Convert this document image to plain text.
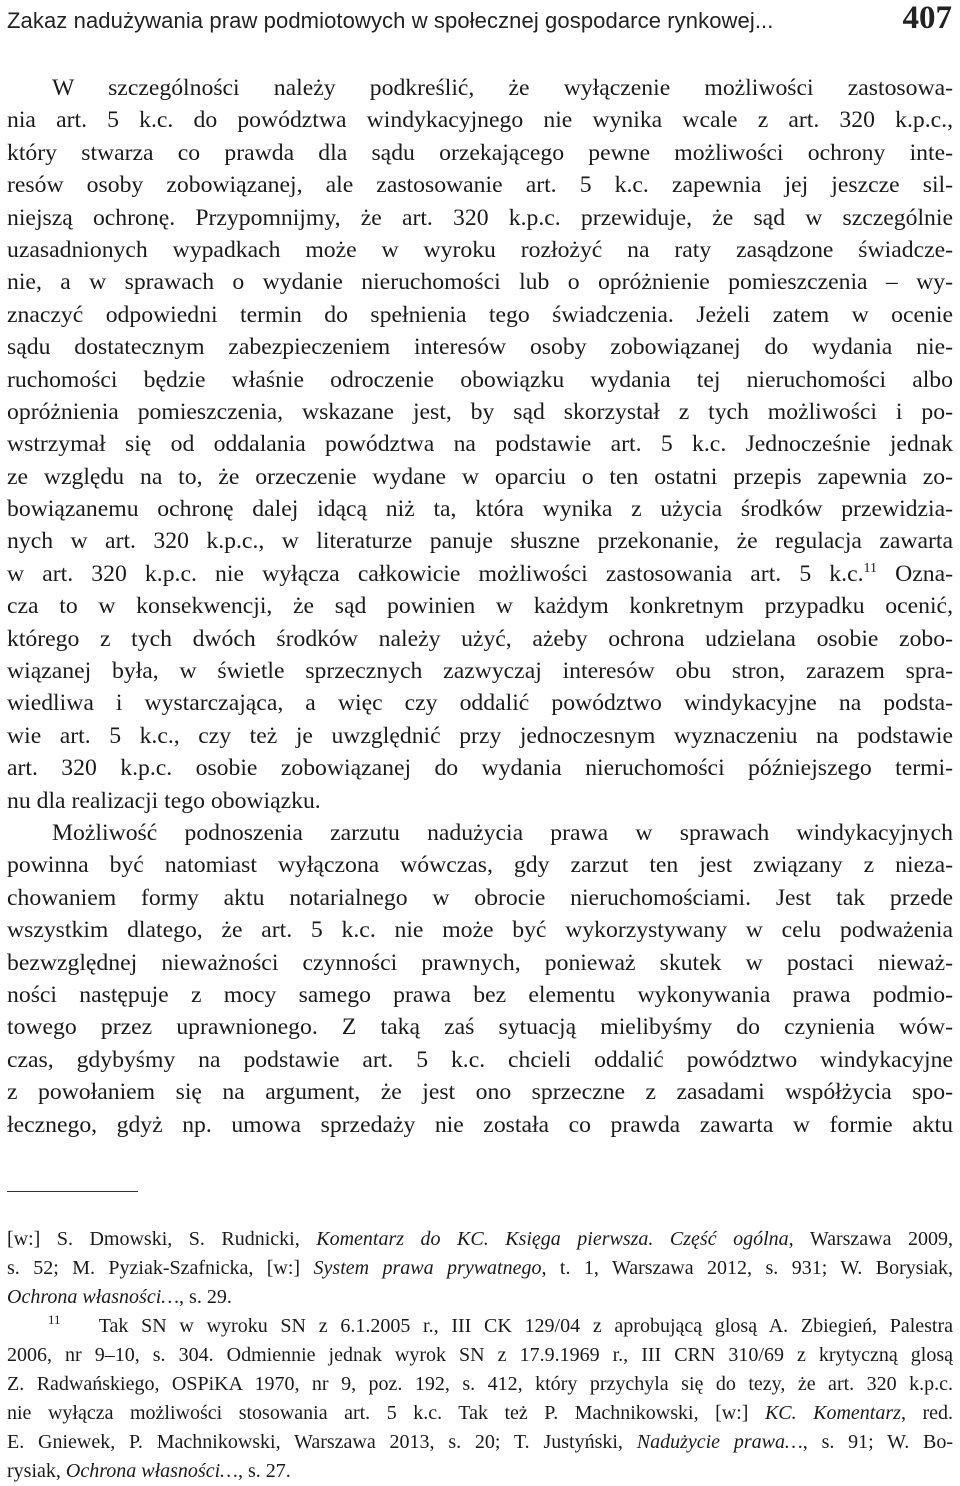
Zakaz nadużywania praw podmiotowych w społecznej gospodarce rynkowej...	407
W szczególności należy podkreślić, że wyłączenie możliwości zastosowa-
nia art. 5 k.c. do powództwa windykacyjnego nie wynika wcale z art. 320 k.p.c.,
który stwarza co prawda dla sądu orzekającego pewne możliwości ochrony inte-
resów osoby zobowiązanej, ale zastosowanie art. 5 k.c. zapewnia jej jeszcze sil-
niejszą ochronę. Przypomnijmy, że art. 320 k.p.c. przewiduje, że sąd w szczególnie
uzasadnionych wypadkach może w wyroku rozłożyć na raty zasądzone świadcze-
nie, a w sprawach o wydanie nieruchomości lub o opróżnienie pomieszczenia – wy-
znaczyć odpowiedni termin do spełnienia tego świadczenia. Jeżeli zatem w ocenie
sądu dostatecznym zabezpieczeniem interesów osoby zobowiązanej do wydania nie-
ruchomości będzie właśnie odroczenie obowiązku wydania tej nieruchomości albo
opróżnienia pomieszczenia, wskazane jest, by sąd skorzystał z tych możliwości i po-
wstrzymał się od oddalania powództwa na podstawie art. 5 k.c. Jednocześnie jednak
ze względu na to, że orzeczenie wydane w oparciu o ten ostatni przepis zapewnia zo-
bowiązanemu ochronę dalej idącą niż ta, która wynika z użycia środków przewidzia-
nych w art. 320 k.p.c., w literaturze panuje słuszne przekonanie, że regulacja zawarta
w art. 320 k.p.c. nie wyłącza całkowicie możliwości zastosowania art. 5 k.c.$^{11}$ Ozna-
cza to w konsekwencji, że sąd powinien w każdym konkretnym przypadku ocenić,
którego z tych dwóch środków należy użyć, ażeby ochrona udzielana osobie zobo-
wiązanej była, w świetle sprzecznych zazwyczaj interesów obu stron, zarazem spra-
wiedliwa i wystarczająca, a więc czy oddalić powództwo windykacyjne na podsta-
wie art. 5 k.c., czy też je uwzględnić przy jednoczesnym wyznaczeniu na podstawie
art. 320 k.p.c. osobie zobowiązanej do wydania nieruchomości późniejszego termi-
nu dla realizacji tego obowiązku.
Możliwość podnoszenia zarzutu nadużycia prawa w sprawach windykacyjnych
powinna być natomiast wyłączona wówczas, gdy zarzut ten jest związany z nieza-
chowaniem formy aktu notarialnego w obrocie nieruchomościami. Jest tak przede
wszystkim dlatego, że art. 5 k.c. nie może być wykorzystywany w celu podważenia
bezwzględnej nieważności czynności prawnych, ponieważ skutek w postaci nieważ-
ności następuje z mocy samego prawa bez elementu wykonywania prawa podmio-
towego przez uprawnionego. Z taką zaś sytuacją mielibyśmy do czynienia wów-
czas, gdybyśmy na podstawie art. 5 k.c. chcieli oddalić powództwo windykacyjne
z powołaniem się na argument, że jest ono sprzeczne z zasadami współżycia spo-
łecznego, gdyż np. umowa sprzedaży nie została co prawda zawarta w formie aktu
[w:] S. Dmowski, S. Rudnicki, Komentarz do KC. Księga pierwsza. Część ogólna, Warszawa 2009,
s. 52; M. Pyziak-Szafnicka, [w:] System prawa prywatnego, t. 1, Warszawa 2012, s. 931; W. Borysiak,
Ochrona własności…, s. 29.
$^{11}$ Tak SN w wyroku SN z 6.1.2005 r., III CK 129/04 z aprobującą glosą A. Zbiegień, Palestra
2006, nr 9–10, s. 304. Odmiennie jednak wyrok SN z 17.9.1969 r., III CRN 310/69 z krytyczną glosą
Z. Radwańskiego, OSPiKA 1970, nr 9, poz. 192, s. 412, który przychyla się do tezy, że art. 320 k.p.c.
nie wyłącza możliwości stosowania art. 5 k.c. Tak też P. Machnikowski, [w:] KC. Komentarz, red.
E. Gniewek, P. Machnikowski, Warszawa 2013, s. 20; T. Justyński, Nadużycie prawa…, s. 91; W. Bo-
rysiak, Ochrona własności…, s. 27.
